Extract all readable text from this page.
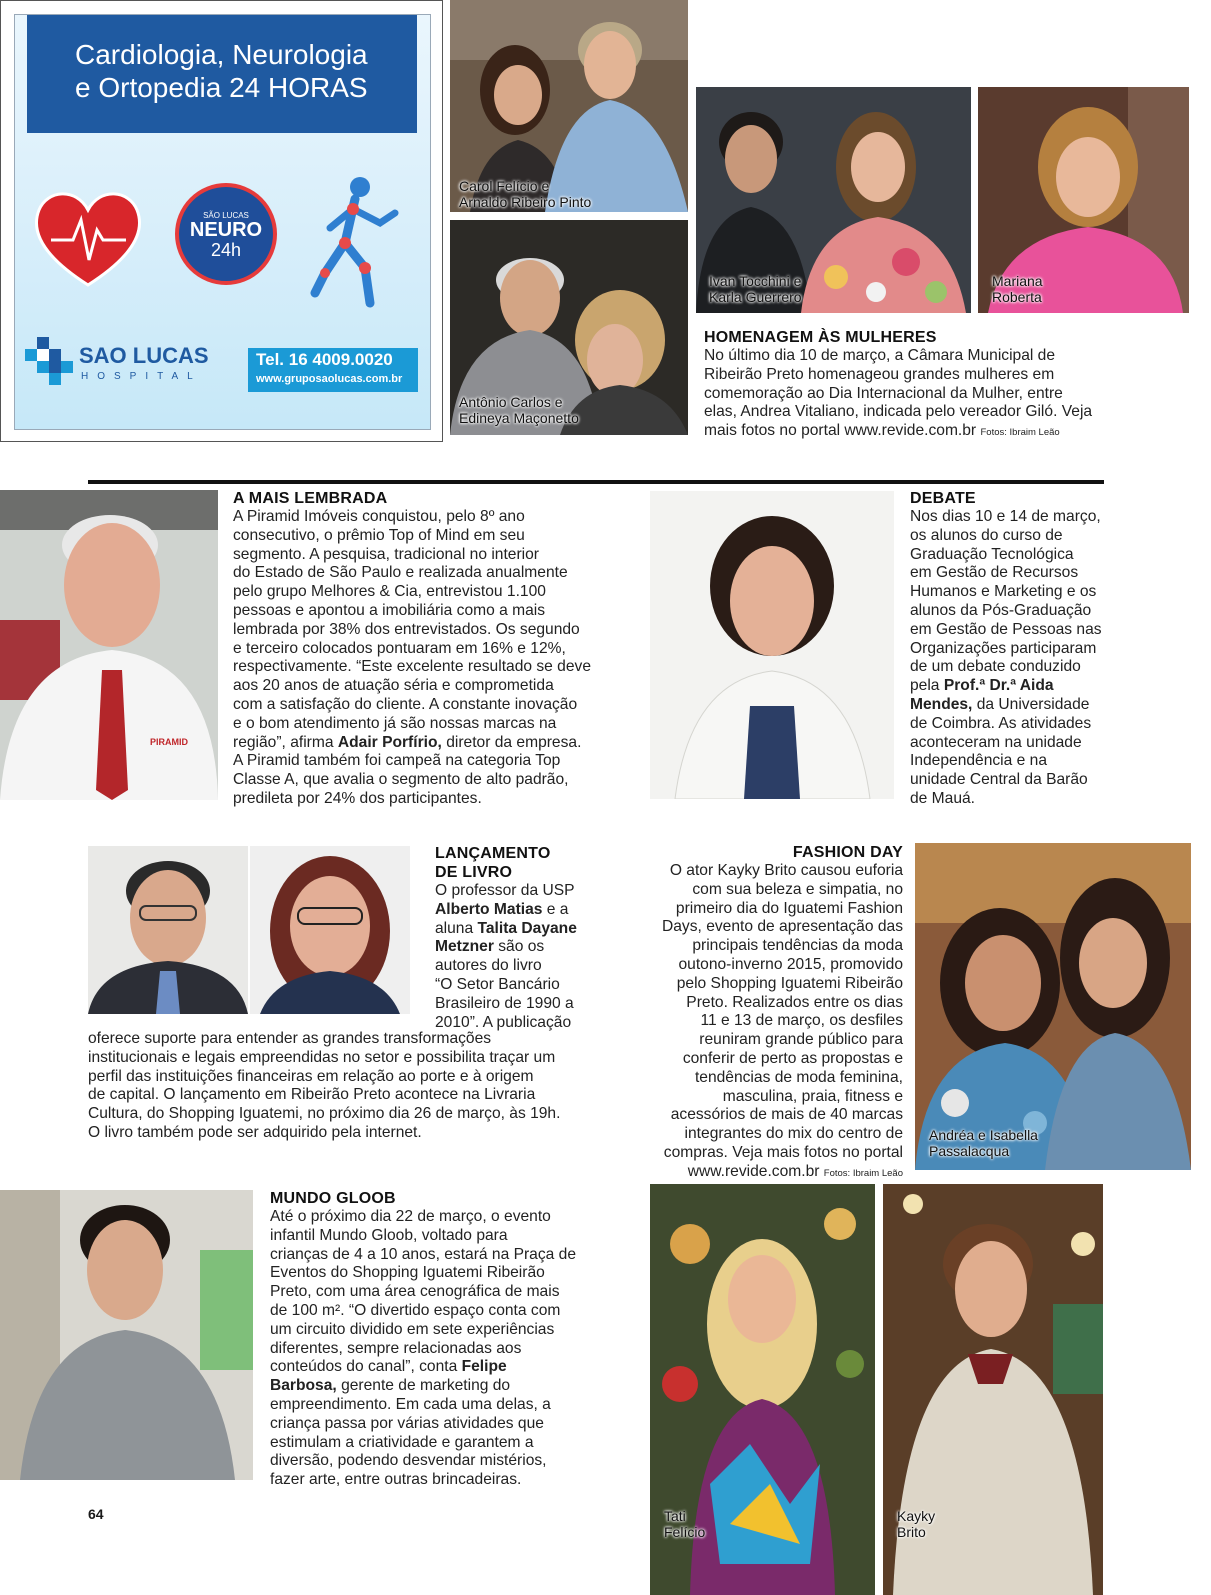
Cardiologia, Neurologia
e Ortopedia 24 HORAS
SÃO LUCAS
NEURO
24h
SAO LUCAS
HOSPITAL
Tel. 16 4009.0020
www.gruposaolucas.com.br
Carol Felício e
Arnaldo Ribeiro Pinto
Antônio Carlos e
Edineya Maçonetto
Ivan Tocchini e
Karla Guerrero
Mariana
Roberta
HOMENAGEM ÀS MULHERES
No último dia 10 de março, a Câmara Municipal de
Ribeirão Preto homenageou grandes mulheres em
comemoração ao Dia Internacional da Mulher, entre
elas, Andrea Vitaliano, indicada pelo vereador Giló. Veja
mais fotos no portal www.revide.com.br Fotos: Ibraim Leão
PIRAMID
A MAIS LEMBRADA
A Piramid Imóveis conquistou, pelo 8º ano
consecutivo, o prêmio Top of Mind em seu
segmento. A pesquisa, tradicional no interior
do Estado de São Paulo e realizada anualmente
pelo grupo Melhores & Cia, entrevistou 1.100
pessoas e apontou a imobiliária como a mais
lembrada por 38% dos entrevistados. Os segundo
e terceiro colocados pontuaram em 16% e 12%,
respectivamente. “Este excelente resultado se deve
aos 20 anos de atuação séria e comprometida
com a satisfação do cliente. A constante inovação
e o bom atendimento já são nossas marcas na
região”, afirma Adair Porfírio, diretor da empresa.
A Piramid também foi campeã na categoria Top
Classe A, que avalia o segmento de alto padrão,
predileta por 24% dos participantes.
DEBATE
Nos dias 10 e 14 de março,
os alunos do curso de
Graduação Tecnológica
em Gestão de Recursos
Humanos e Marketing e os
alunos da Pós-Graduação
em Gestão de Pessoas nas
Organizações participaram
de um debate conduzido
pela Prof.ª Dr.ª Aida
Mendes, da Universidade
de Coimbra. As atividades
aconteceram na unidade
Independência e na
unidade Central da Barão
de Mauá.
LANÇAMENTO
DE LIVRO
O professor da USP
Alberto Matias e a
aluna Talita Dayane
Metzner são os
autores do livro
“O Setor Bancário
Brasileiro de 1990 a
2010”. A publicação
oferece suporte para entender as grandes transformações
institucionais e legais empreendidas no setor e possibilita traçar um
perfil das instituições financeiras em relação ao porte e à origem
de capital. O lançamento em Ribeirão Preto acontece na Livraria
Cultura, do Shopping Iguatemi, no próximo dia 26 de março, às 19h.
O livro também pode ser adquirido pela internet.
FASHION DAY
O ator Kayky Brito causou euforia
com sua beleza e simpatia, no
primeiro dia do Iguatemi Fashion
Days, evento de apresentação das
principais tendências da moda
outono-inverno 2015, promovido
pelo Shopping Iguatemi Ribeirão
Preto. Realizados entre os dias
11 e 13 de março, os desfiles
reuniram grande público para
conferir de perto as propostas e
tendências de moda feminina,
masculina, praia, fitness e
acessórios de mais de 40 marcas
integrantes do mix do centro de
compras. Veja mais fotos no portal
www.revide.com.br Fotos: Ibraim Leão
Andréa e Isabella
Passalacqua
MUNDO GLOOB
Até o próximo dia 22 de março, o evento
infantil Mundo Gloob, voltado para
crianças de 4 a 10 anos, estará na Praça de
Eventos do Shopping Iguatemi Ribeirão
Preto, com uma área cenográfica de mais
de 100 m². “O divertido espaço conta com
um circuito dividido em sete experiências
diferentes, sempre relacionadas aos
conteúdos do canal”, conta Felipe
Barbosa, gerente de marketing do
empreendimento. Em cada uma delas, a
criança passa por várias atividades que
estimulam a criatividade e garantem a
diversão, podendo desvendar mistérios,
fazer arte, entre outras brincadeiras.
Tati
Felício
Kayky
Brito
64
